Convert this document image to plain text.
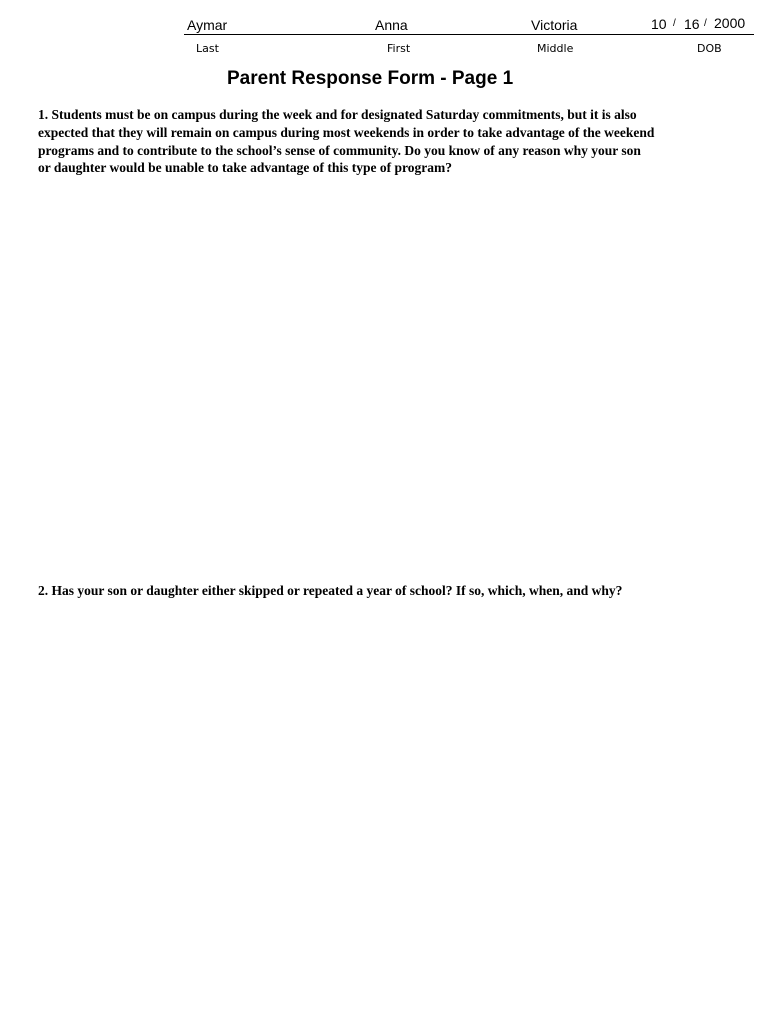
Aymar	Anna	Victoria	10 / 16 / 2000
Last	First	Middle	DOB
Parent Response Form - Page 1
1. Students must be on campus during the week and for designated Saturday commitments, but it is also
expected that they will remain on campus during most weekends in order to take advantage of the weekend
programs and to contribute to the school’s sense of community. Do you know of any reason why your son
or daughter would be unable to take advantage of this type of program?
2. Has your son or daughter either skipped or repeated a year of school? If so, which, when, and why?
